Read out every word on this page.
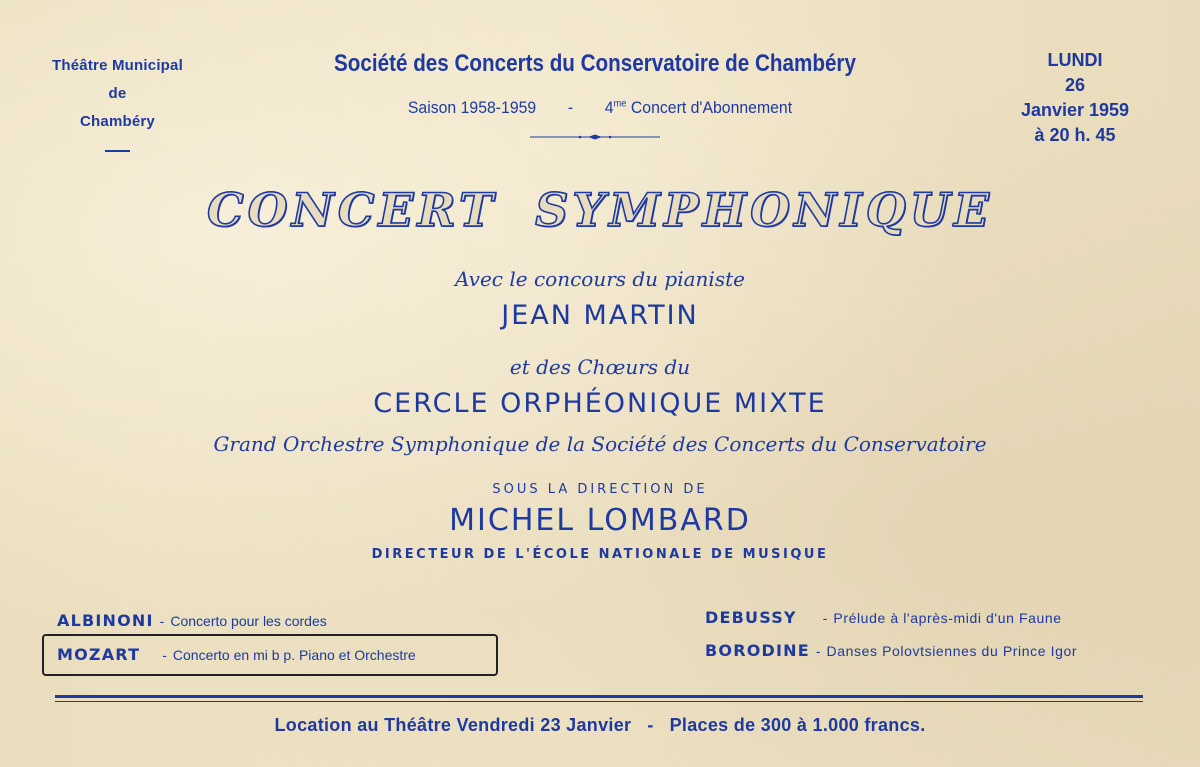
Théâtre Municipal
de
Chambéry
Société des Concerts du Conservatoire de Chambéry
Saison $1958-1959 - 4^{me}$ Concert d'Abonnement
LUNDI
26
Janvier 1959
à 20 h. 45
CONCERT SYMPHONIQUE
Avec le concours du pianiste
JEAN MARTIN
et des Chœurs du
CERCLE ORPHÉONIQUE MIXTE
Grand Orchestre Symphonique de la Société des Concerts du Conservatoire
SOUS LA DIRECTION DE
MICHEL LOMBARD
DIRECTEUR DE L'ÉCOLE NATIONALE DE MUSIQUE
ALBINONI - Concerto pour les cordes
MOZART - Concerto en mi b p. Piano et Orchestre
DEBUSSY - Prélude à l'après-midi d'un Faune
BORODINE - Danses Polovtsiennes du Prince Igor
Location au Théâtre Vendredi 23 Janvier - Places de 300 à 1.000 francs.
